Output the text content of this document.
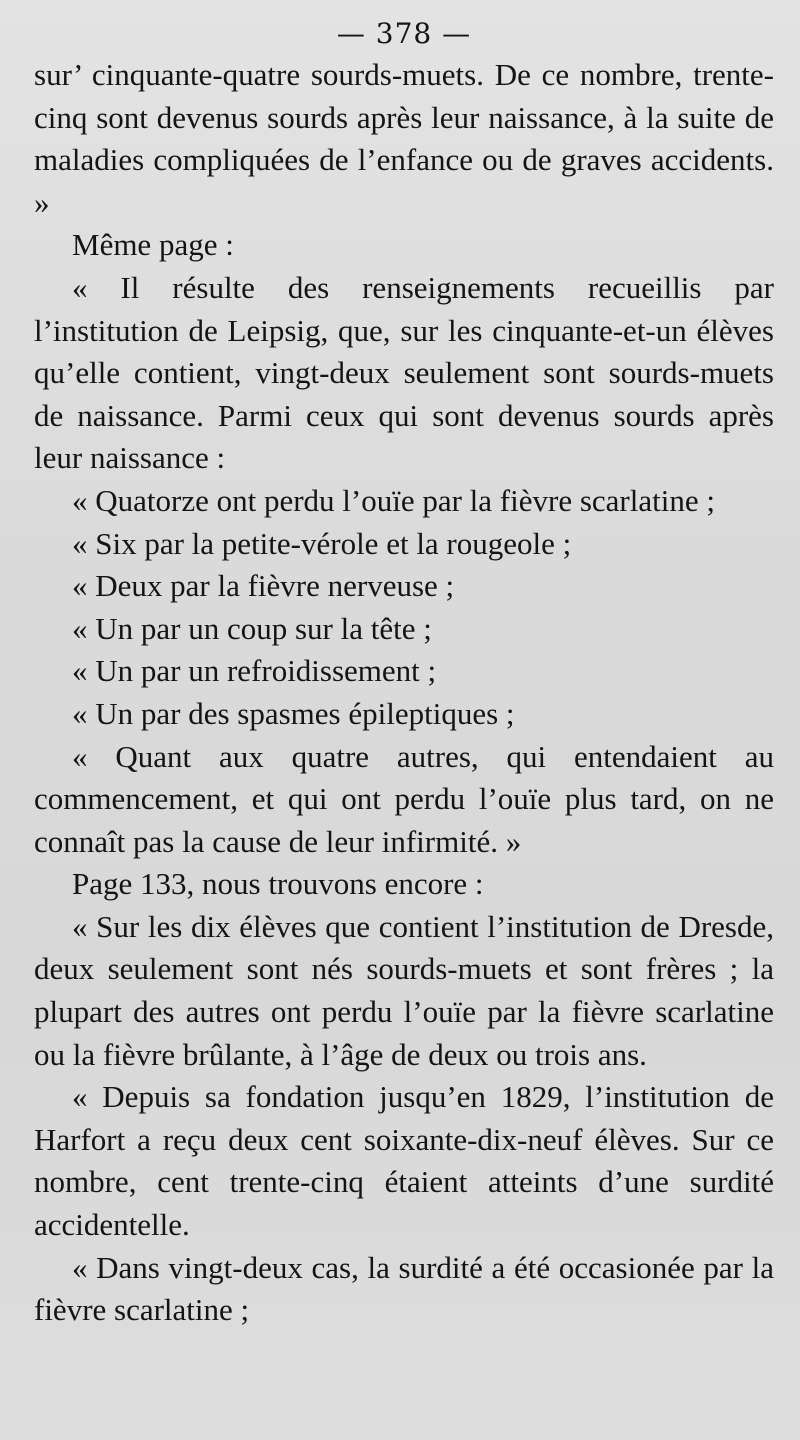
— 378 —

sur’ cinquante-quatre sourds-muets. De ce nombre, trente-cinq sont devenus sourds après leur naissance, à la suite de maladies compliquées de l’enfance ou de graves accidents. »

Même page :

« Il résulte des renseignements recueillis par l’institution de Leipsig, que, sur les cinquante-et-un élèves qu’elle contient, vingt-deux seulement sont sourds-muets de naissance. Parmi ceux qui sont devenus sourds après leur naissance :

« Quatorze ont perdu l’ouïe par la fièvre scarlatine ;

« Six par la petite-vérole et la rougeole ;

« Deux par la fièvre nerveuse ;

« Un par un coup sur la tête ;

« Un par un refroidissement ;

« Un par des spasmes épileptiques ;

« Quant aux quatre autres, qui entendaient au commencement, et qui ont perdu l’ouïe plus tard, on ne connaît pas la cause de leur infirmité. »

Page 133, nous trouvons encore :

« Sur les dix élèves que contient l’institution de Dresde, deux seulement sont nés sourds-muets et sont frères ; la plupart des autres ont perdu l’ouïe par la fièvre scarlatine ou la fièvre brûlante, à l’âge de deux ou trois ans.

« Depuis sa fondation jusqu’en 1829, l’institution de Harfort a reçu deux cent soixante-dix-neuf élèves. Sur ce nombre, cent trente-cinq étaient atteints d’une surdité accidentelle.

« Dans vingt-deux cas, la surdité a été occasionée par la fièvre scarlatine ;
